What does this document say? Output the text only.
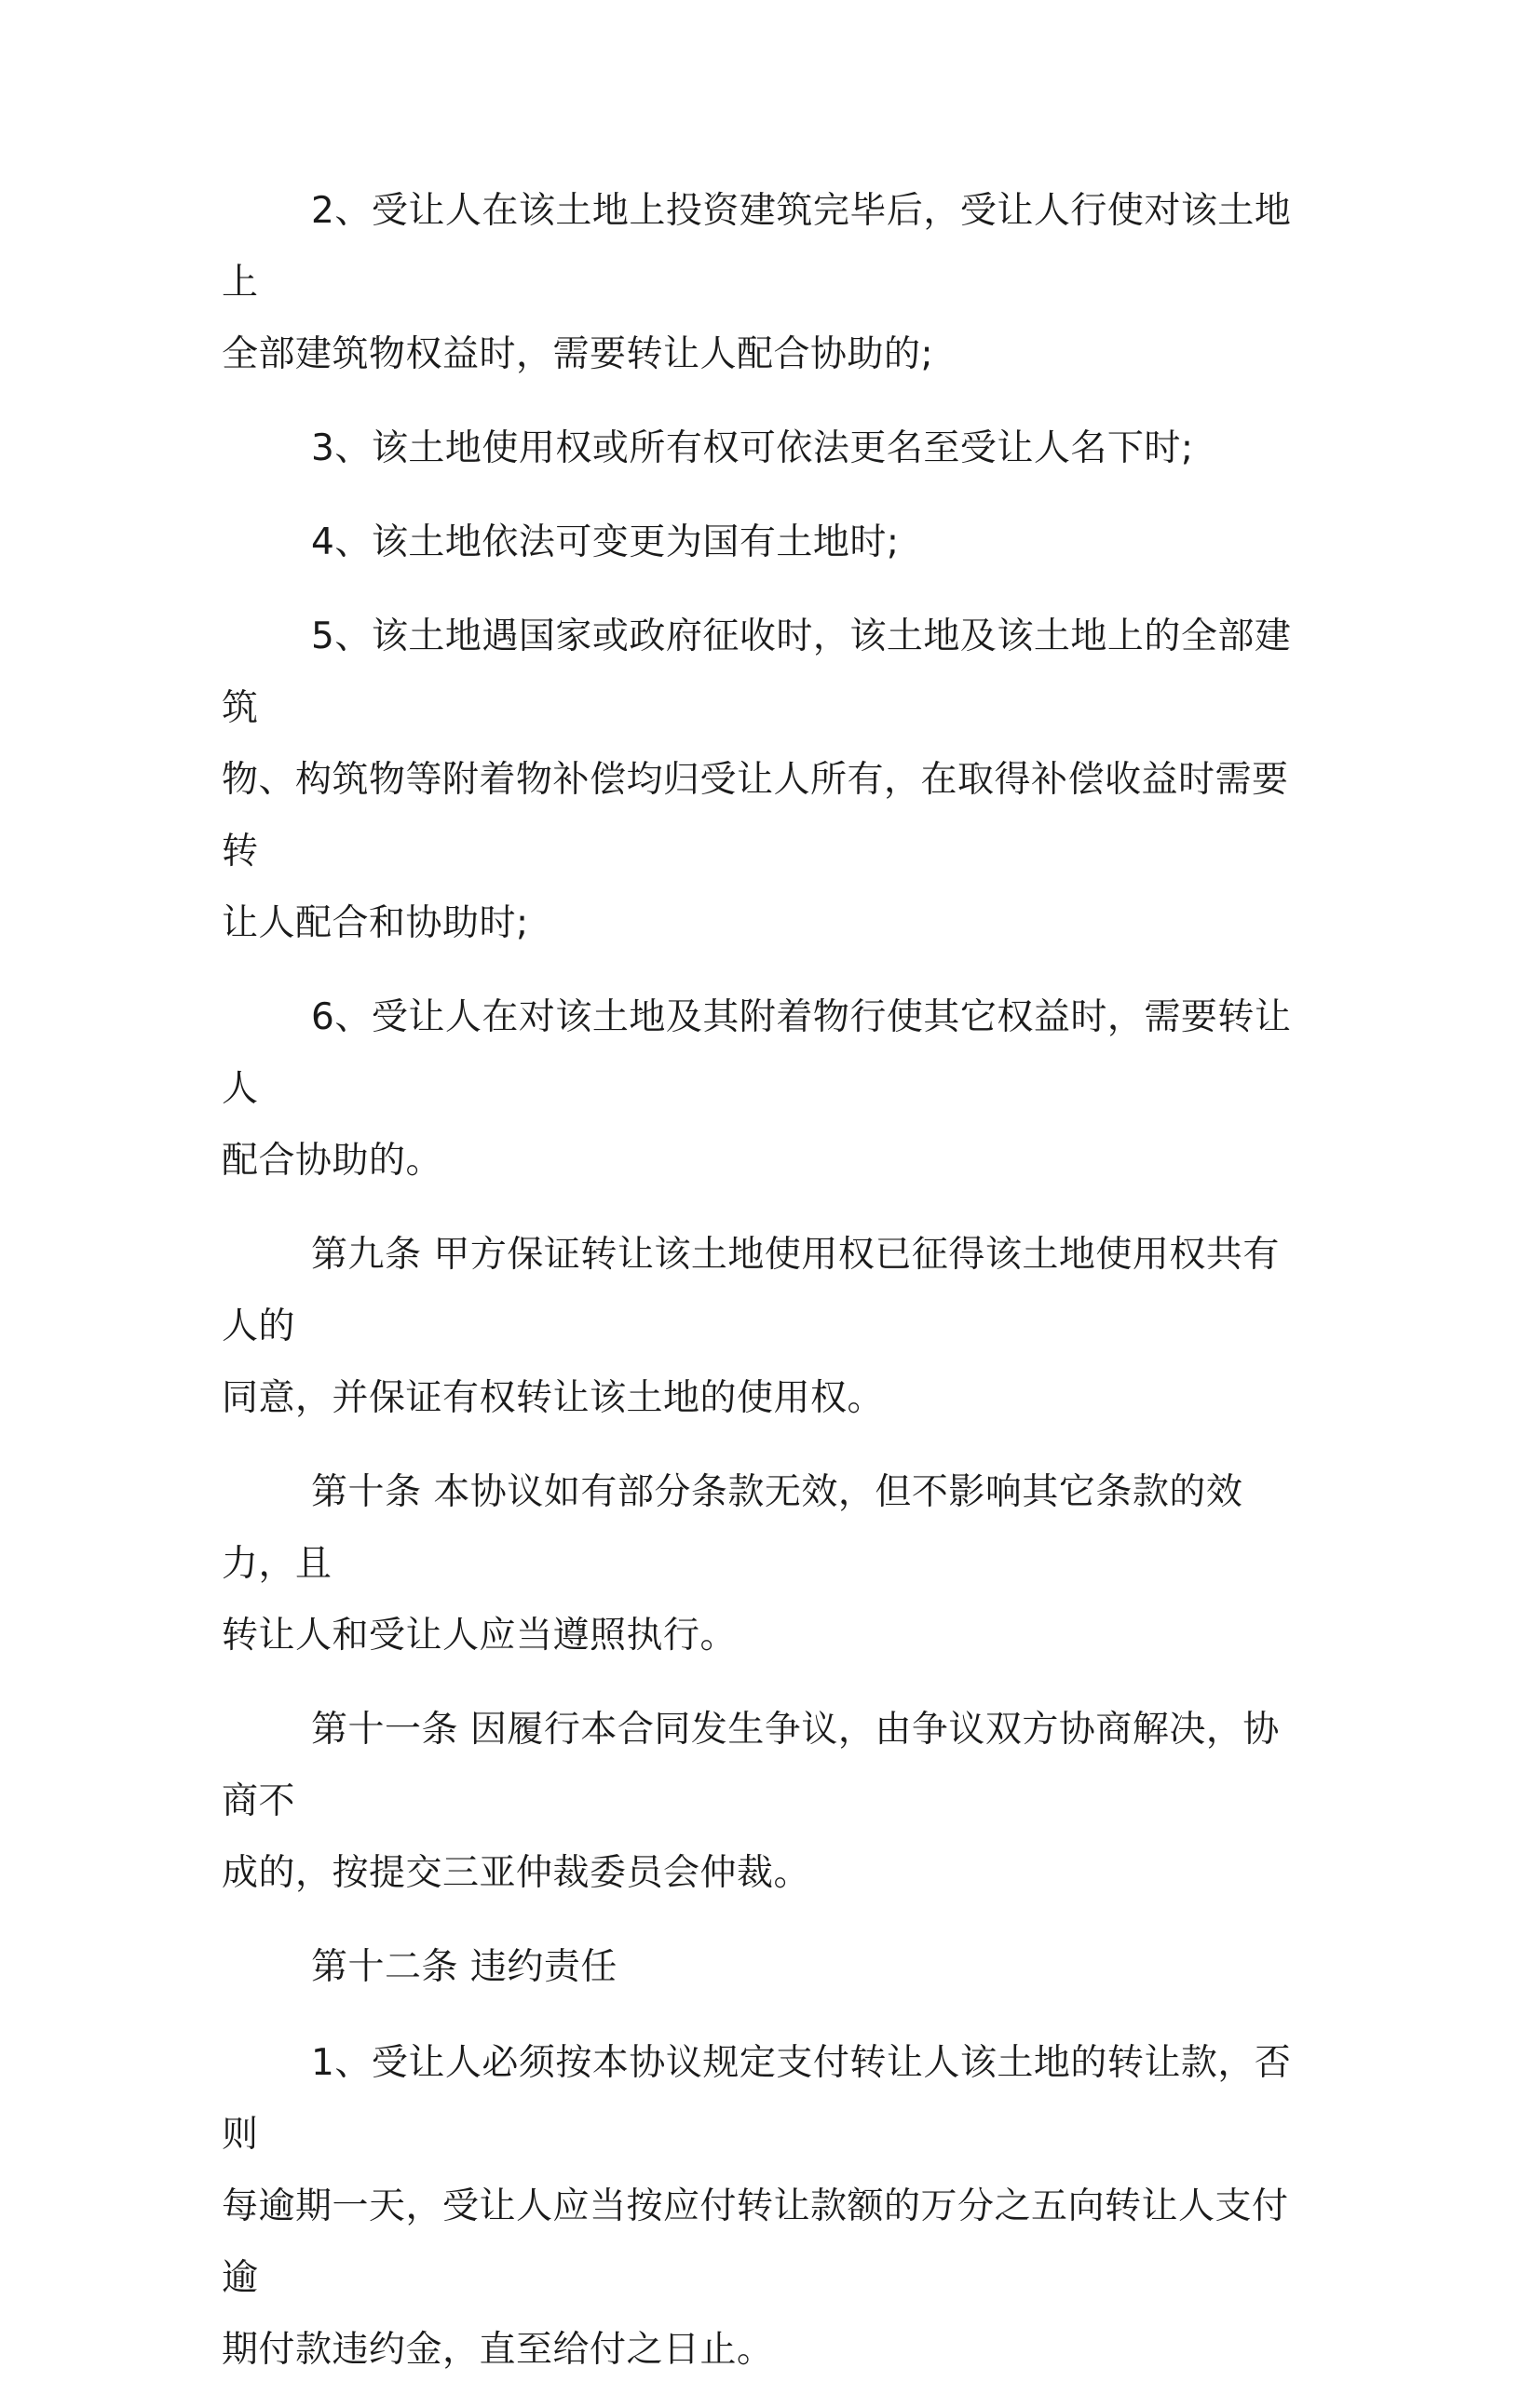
2、受让人在该土地上投资建筑完毕后，受让人行使对该土地上
全部建筑物权益时，需要转让人配合协助的;

3、该土地使用权或所有权可依法更名至受让人名下时;

4、该土地依法可变更为国有土地时;

5、该土地遇国家或政府征收时，该土地及该土地上的全部建筑
物、构筑物等附着物补偿均归受让人所有，在取得补偿收益时需要转
让人配合和协助时;

6、受让人在对该土地及其附着物行使其它权益时，需要转让人
配合协助的。

第九条 甲方保证转让该土地使用权已征得该土地使用权共有人的
同意，并保证有权转让该土地的使用权。

第十条 本协议如有部分条款无效，但不影响其它条款的效力，且
转让人和受让人应当遵照执行。

第十一条 因履行本合同发生争议，由争议双方协商解决，协商不
成的，按提交三亚仲裁委员会仲裁。

第十二条 违约责任

1、受让人必须按本协议规定支付转让人该土地的转让款，否则
每逾期一天，受让人应当按应付转让款额的万分之五向转让人支付逾
期付款违约金，直至给付之日止。
